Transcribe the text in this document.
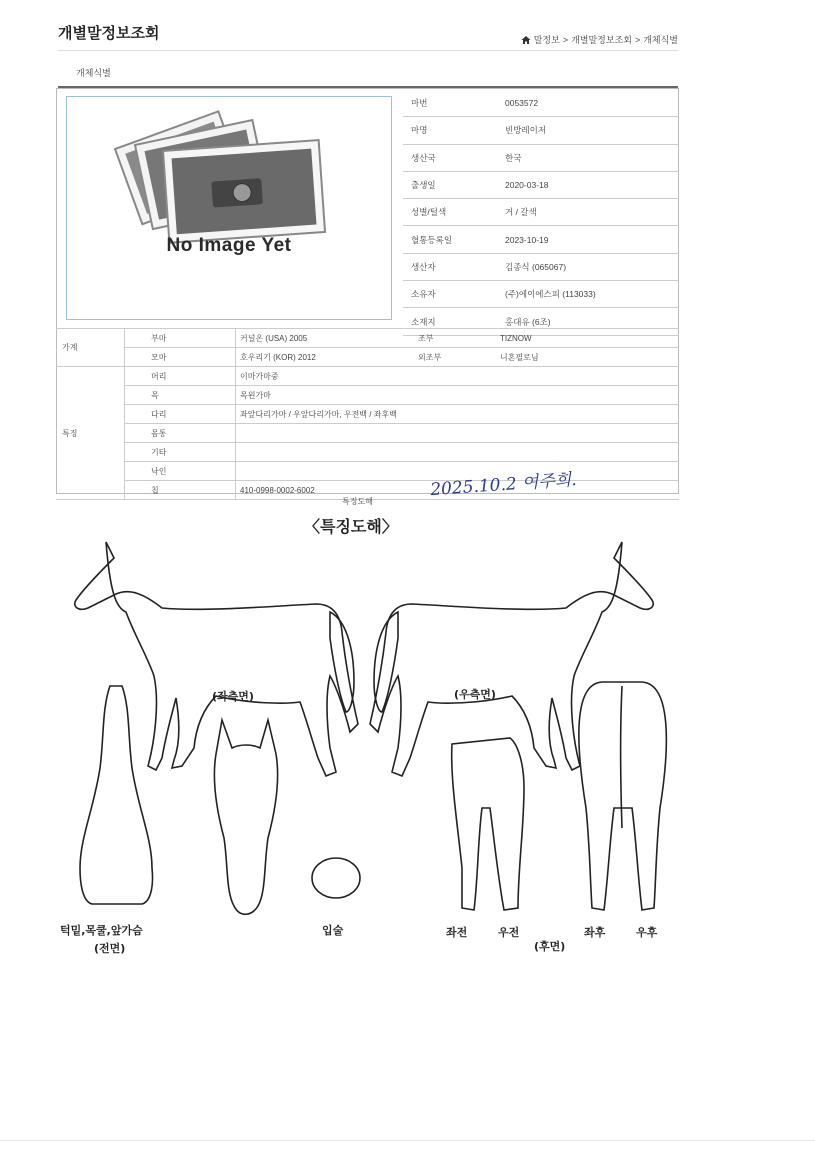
개별말정보조회	말정보 > 개별말정보조회 > 개체식별
개체식별
No Image Yet
마번	0053572
마명	빈방레이저
생산국	한국
출생일	2020-03-18
성별/털색	거 / 갈색
혈통등록일	2023-10-19
생산자	김종식 (065067)
소유자	(주)에이에스피 (113033)
소재지	홍대유 (6조)
가계	부마	커널온 (USA) 2005	조부	TIZNOW
	모마	호우리기 (KOR) 2012	외조부	니혼필로님
특징	머리	이마가마중		
	목	목왼가마		
	다리	좌앞다리가마 / 우앞다리가마, 우전백 / 좌후백		
	몸통			
	기타			
	낙인			
	칩	410-0998-0002-6002			2025.10.2 여주희.
특징도해
〈특징도해〉
(좌측면)	(우측면)
턱밑,목쿨,앞가슴
(전면)
입술	좌전	우전	좌후	우후
(후면)
